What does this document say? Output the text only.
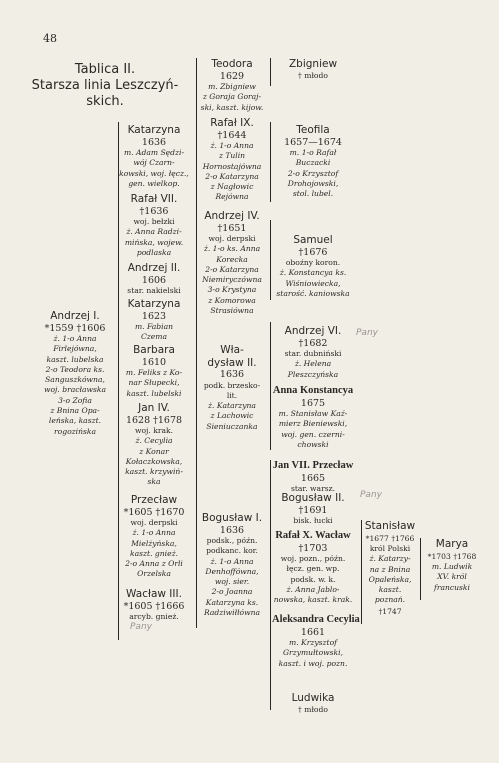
48
Tablica II.
Starsza linia Leszczyń-
skich.
Andrzej I.
*1559 †1606
ż. 1-o Anna
Firlejówna,
kaszt. lubelska
2-o Teodora ks.
Sanguszkówna,
woj. bracławska
3-o Zofia
z Bnina Opa-
leńska, kaszt.
rogozińska
Katarzyna
1636
m. Adam Sędzi-
wój Czarn-
kowski, woj. łęcz.,
gen. wielkop.
Rafał VII.
†1636
woj. bełzki
ż. Anna Radzi-
mińska, wojew.
podlaska
Andrzej II.
1606
star. nakielski
Katarzyna
1623
m. Fabian
Czema
Barbara
1610
m. Feliks z Ko-
nar Słupecki,
kaszt. lubelski
Jan IV.
1628 †1678
woj. krak.
ż. Cecylia
z Konar
Kołaczkowska,
kaszt. krzywiń-
ska
Przecław
*1605 †1670
woj. derpski
ż. 1-o Anna
Mielżyńska,
kaszt. gnież.
2-o Anna z Orli
Orzelska
Wacław III.
*1605 †1666
arcyb. gnież.
Teodora
1629
m. Zbigniew
z Goraja Goraj-
ski, kaszt. kijow.
Rafał IX.
†1644
ż. 1-o Anna
z Tulin
Hornostajówna
2-o Katarzyna
z Nagłowic
Rejówna
Andrzej IV.
†1651
woj. derpski
ż. 1-o ks. Anna
Korecka
2-o Katarzyna
Niemiryczówna
3-o Krystyna
z Komorowa
Strasiówna
Wła-
dysław II.
1636
podk. brzesko-
lit.
ż. Katarzyna
z Lachowic
Sieniuczanka
Bogusław I.
1636
podsk., późn.
podkanc. kor.
ż. 1-o Anna
Denhoffówna,
woj. sier.
2-o Joanna
Katarzyna ks.
Radziwiłłówna
Zbigniew
† młodo
Teofila
1657—1674
m. 1-o Rafał
Buczacki
2-o Krzysztof
Drohojowski,
stol. lubel.
Samuel
†1676
oboźny koron.
ż. Konstancya ks.
Wiśniowiecka,
starość. kaniowska
Andrzej VI.
†1682
star. dubniński
ż. Helena
Pleszczyńska
Anna Konstancya
1675
m. Stanisław Kaź-
mierz Bieniewski,
woj. gen. czerni-
chowski
Jan VII. Przecław
1665
star. warsz.
Bogusław II.
†1691
bisk. łucki
Rafał X. Wacław
†1703
woj. pozn., późn.
łęcz. gen. wp.
podsk. w. k.
ż. Anna Jablo-
nowska, kaszt. krak.
Aleksandra Cecylia
1661
m. Krzysztof
Grzymułtowski,
kaszt. i woj. pozn.
Ludwika
† młodo
Stanisław
*1677 †1766
król Polski
ż. Katarzy-
na z Bnina
Opaleńska,
kaszt.
poznań.
†1747
Marya
*1703 †1768
m. Ludwik
XV. król
francuski
Pany
Pany
Pany
